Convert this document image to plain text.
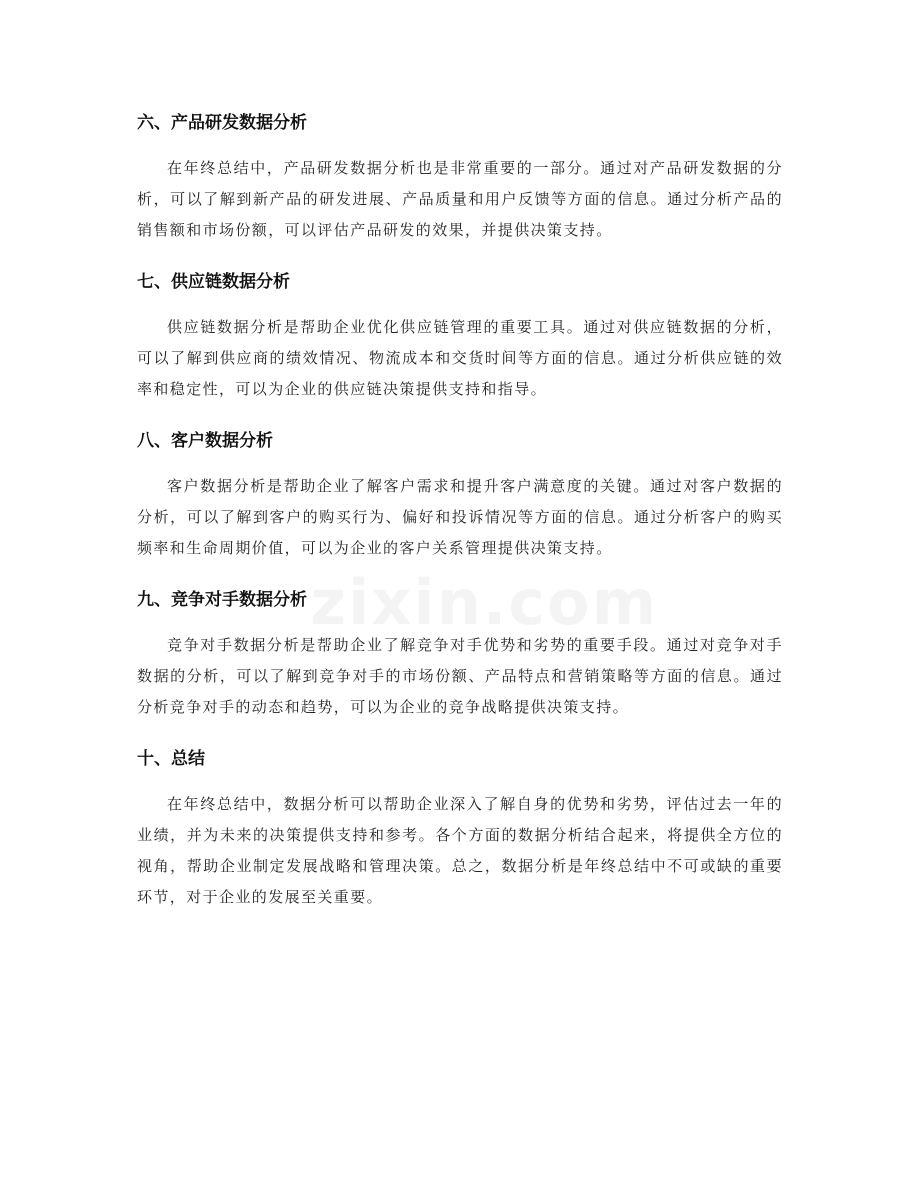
六、产品研发数据分析

在年终总结中，产品研发数据分析也是非常重要的一部分。通过对产品研发数据的分析，可以了解到新产品的研发进展、产品质量和用户反馈等方面的信息。通过分析产品的销售额和市场份额，可以评估产品研发的效果，并提供决策支持。

七、供应链数据分析

供应链数据分析是帮助企业优化供应链管理的重要工具。通过对供应链数据的分析，可以了解到供应商的绩效情况、物流成本和交货时间等方面的信息。通过分析供应链的效率和稳定性，可以为企业的供应链决策提供支持和指导。

八、客户数据分析

客户数据分析是帮助企业了解客户需求和提升客户满意度的关键。通过对客户数据的分析，可以了解到客户的购买行为、偏好和投诉情况等方面的信息。通过分析客户的购买频率和生命周期价值，可以为企业的客户关系管理提供决策支持。

九、竞争对手数据分析

竞争对手数据分析是帮助企业了解竞争对手优势和劣势的重要手段。通过对竞争对手数据的分析，可以了解到竞争对手的市场份额、产品特点和营销策略等方面的信息。通过分析竞争对手的动态和趋势，可以为企业的竞争战略提供决策支持。

十、总结

在年终总结中，数据分析可以帮助企业深入了解自身的优势和劣势，评估过去一年的业绩，并为未来的决策提供支持和参考。各个方面的数据分析结合起来，将提供全方位的视角，帮助企业制定发展战略和管理决策。总之，数据分析是年终总结中不可或缺的重要环节，对于企业的发展至关重要。
